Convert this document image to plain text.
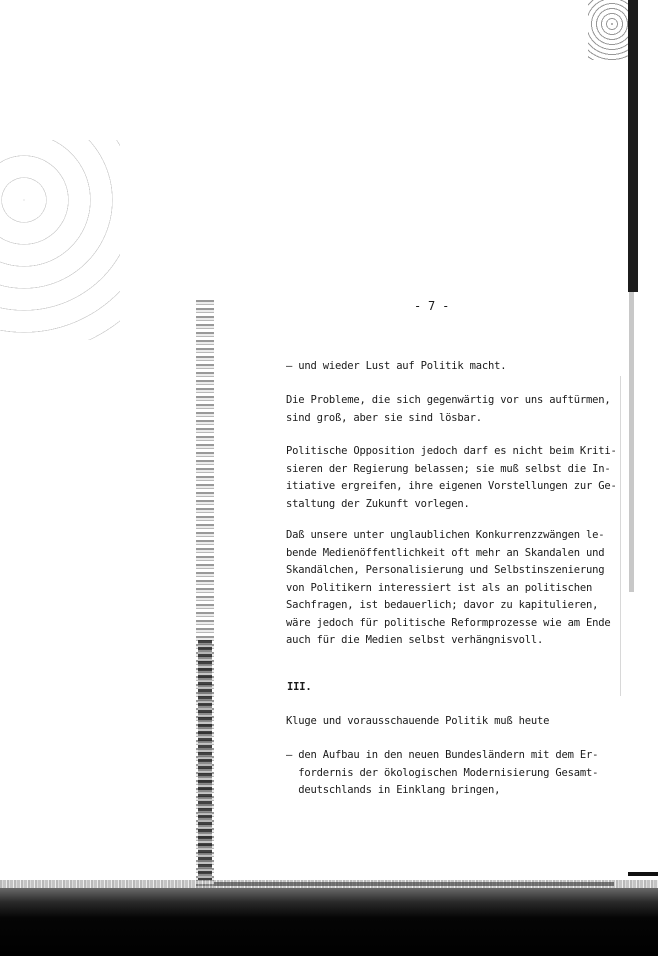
- 7 -
– und wieder Lust auf Politik macht.
Die Probleme, die sich gegenwärtig vor uns auftürmen,
sind groß, aber sie sind lösbar.
Politische Opposition jedoch darf es nicht beim Kriti-
sieren der Regierung belassen; sie muß selbst die In-
itiative ergreifen, ihre eigenen Vorstellungen zur Ge-
staltung der Zukunft vorlegen.
Daß unsere unter unglaublichen Konkurrenzzwängen le-
bende Medienöffentlichkeit oft mehr an Skandalen und
Skandälchen, Personalisierung und Selbstinszenierung
von Politikern interessiert ist als an politischen
Sachfragen, ist bedauerlich; davor zu kapitulieren,
wäre jedoch für politische Reformprozesse wie am Ende
auch für die Medien selbst verhängnisvoll.
III.
Kluge und vorausschauende Politik muß heute
– den Aufbau in den neuen Bundesländern mit dem Er-
fordernis der ökologischen Modernisierung Gesamt-
deutschlands in Einklang bringen,
